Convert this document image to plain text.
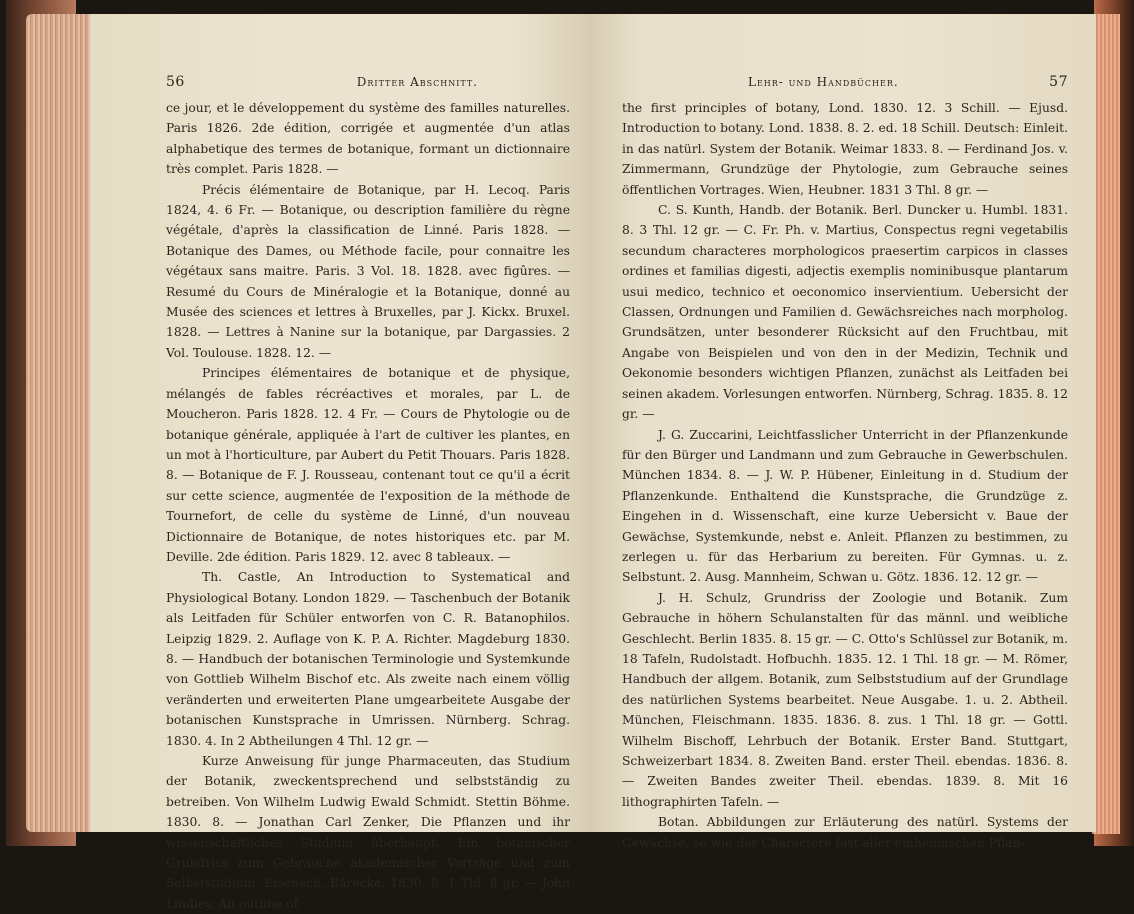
56	Dritter Abschnitt.

ce jour, et le développement du système des familles naturelles. Paris 1826. 2de édition, corrigée et augmentée d'un atlas alphabetique des termes de botanique, formant un dictionnaire très complet. Paris 1828. —

Précis élémentaire de Botanique, par H. Lecoq. Paris 1824, 4. 6 Fr. — Botanique, ou description familière du règne végétale, d'après la classification de Linné. Paris 1828. — Botanique des Dames, ou Méthode facile, pour connaitre les végétaux sans maitre. Paris. 3 Vol. 18. 1828. avec figûres. — Resumé du Cours de Minéralogie et la Botanique, donné au Musée des sciences et lettres à Bruxelles, par J. Kickx. Bruxel. 1828. — Lettres à Nanine sur la botanique, par Dargassies. 2 Vol. Toulouse. 1828. 12. —

Principes élémentaires de botanique et de physique, mélangés de fables récréactives et morales, par L. de Moucheron. Paris 1828. 12. 4 Fr. — Cours de Phytologie ou de botanique générale, appliquée à l'art de cultiver les plantes, en un mot à l'horticulture, par Aubert du Petit Thouars. Paris 1828. 8. — Botanique de F. J. Rousseau, contenant tout ce qu'il a écrit sur cette science, augmentée de l'exposition de la méthode de Tournefort, de celle du système de Linné, d'un nouveau Dictionnaire de Botanique, de notes historiques etc. par M. Deville. 2de édition. Paris 1829. 12. avec 8 tableaux. —

Th. Castle, An Introduction to Systematical and Physiological Botany. London 1829. — Taschenbuch der Botanik als Leitfaden für Schüler entworfen von C. R. Batanophilos. Leipzig 1829. 2. Auflage von K. P. A. Richter. Magdeburg 1830. 8. — Handbuch der botanischen Terminologie und Systemkunde von Gottlieb Wilhelm Bischof etc. Als zweite nach einem völlig veränderten und erweiterten Plane umgearbeitete Ausgabe der botanischen Kunstsprache in Umrissen. Nürnberg. Schrag. 1830. 4. In 2 Abtheilungen 4 Thl. 12 gr. —

Kurze Anweisung für junge Pharmaceuten, das Studium der Botanik, zweckentsprechend und selbstständig zu betreiben. Von Wilhelm Ludwig Ewald Schmidt. Stettin Böhme. 1830. 8. — Jonathan Carl Zenker, Die Pflanzen und ihr wissenschaftliches Studium überhaupt. Ein botanischer Grundriss zum Gebrauche akademischer Vorträge und zum Selbststudium. Eisenach, Bärecke. 1830. 8. 1 Thl. 8 gr. — John Lindley, An outline of.

Lehr- und Handbücher.	57

the first principles of botany, Lond. 1830. 12. 3 Schill. — Ejusd. Introduction to botany. Lond. 1838. 8. 2. ed. 18 Schill. Deutsch: Einleit. in das natürl. System der Botanik. Weimar 1833. 8. — Ferdinand Jos. v. Zimmermann, Grundzüge der Phytologie, zum Gebrauche seines öffentlichen Vortrages. Wien, Heubner. 1831 3 Thl. 8 gr. —

C. S. Kunth, Handb. der Botanik. Berl. Duncker u. Humbl. 1831. 8. 3 Thl. 12 gr. — C. Fr. Ph. v. Martius, Conspectus regni vegetabilis secundum characteres morphologicos praesertim carpicos in classes ordines et familias digesti, adjectis exemplis nominibusque plantarum usui medico, technico et oeconomico inservientium. Uebersicht der Classen, Ordnungen und Familien d. Gewächsreiches nach morpholog. Grundsätzen, unter besonderer Rücksicht auf den Fruchtbau, mit Angabe von Beispielen und von den in der Medizin, Technik und Oekonomie besonders wichtigen Pflanzen, zunächst als Leitfaden bei seinen akadem. Vorlesungen entworfen. Nürnberg, Schrag. 1835. 8. 12 gr. —

J. G. Zuccarini, Leichtfasslicher Unterricht in der Pflanzenkunde für den Bürger und Landmann und zum Gebrauche in Gewerbschulen. München 1834. 8. — J. W. P. Hübener, Einleitung in d. Studium der Pflanzenkunde. Enthaltend die Kunstsprache, die Grundzüge z. Eingehen in d. Wissenschaft, eine kurze Uebersicht v. Baue der Gewächse, Systemkunde, nebst e. Anleit. Pflanzen zu bestimmen, zu zerlegen u. für das Herbarium zu bereiten. Für Gymnas. u. z. Selbstunt. 2. Ausg. Mannheim, Schwan u. Götz. 1836. 12. 12 gr. —

J. H. Schulz, Grundriss der Zoologie und Botanik. Zum Gebrauche in höhern Schulanstalten für das männl. und weibliche Geschlecht. Berlin 1835. 8. 15 gr. — C. Otto's Schlüssel zur Botanik, m. 18 Tafeln, Rudolstadt. Hofbuchh. 1835. 12. 1 Thl. 18 gr. — M. Römer, Handbuch der allgem. Botanik, zum Selbststudium auf der Grundlage des natürlichen Systems bearbeitet. Neue Ausgabe. 1. u. 2. Abtheil. München, Fleischmann. 1835. 1836. 8. zus. 1 Thl. 18 gr. — Gottl. Wilhelm Bischoff, Lehrbuch der Botanik. Erster Band. Stuttgart, Schweizerbart 1834. 8. Zweiten Band. erster Theil. ebendas. 1836. 8. — Zweiten Bandes zweiter Theil. ebendas. 1839. 8. Mit 16 lithographirten Tafeln. —

Botan. Abbildungen zur Erläuterung des natürl. Systems der Gewächse, so wie der Charactere fast aller einheimischen Pflan-
